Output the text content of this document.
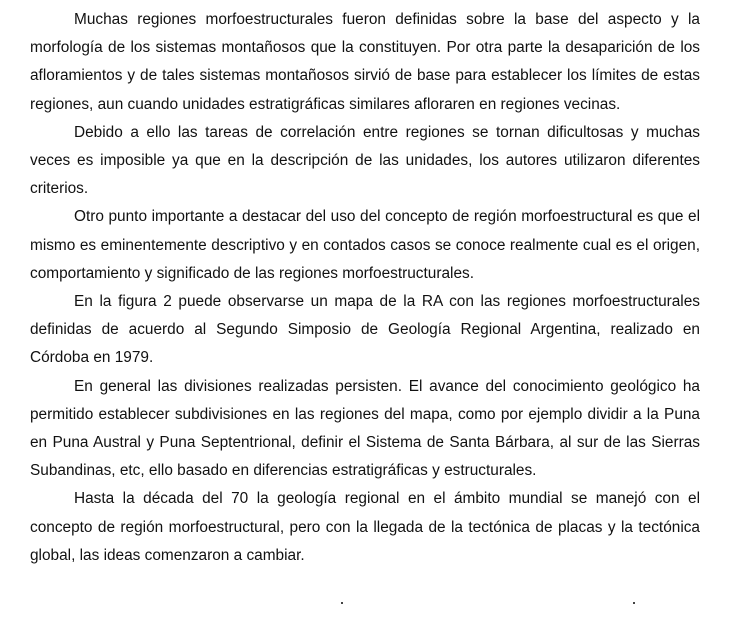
Muchas regiones morfoestructurales fueron definidas sobre la base del aspecto y la morfología de los sistemas montañosos que la constituyen. Por otra parte la desaparición de los afloramientos y de tales sistemas montañosos sirvió de base para establecer los límites de estas regiones, aun cuando unidades estratigráficas similares afloraren en regiones vecinas.

Debido a ello las tareas de correlación entre regiones se tornan dificultosas y muchas veces es imposible ya que en la descripción de las unidades, los autores utilizaron diferentes criterios.

Otro punto importante a destacar del uso del concepto de región morfoestructural es que el mismo es eminentemente descriptivo y en contados casos se conoce realmente cual es el origen, comportamiento y significado de las regiones morfoestructurales.

En la figura 2 puede observarse un mapa de la RA con las regiones morfoestructurales definidas de acuerdo al Segundo Simposio de Geología Regional Argentina, realizado en Córdoba en 1979.

En general las divisiones realizadas persisten. El avance del conocimiento geológico ha permitido establecer subdivisiones en las regiones del mapa, como por ejemplo dividir a la Puna en Puna Austral y Puna Septentrional, definir el Sistema de Santa Bárbara, al sur de las Sierras Subandinas, etc, ello basado en diferencias estratigráficas y estructurales.

Hasta la década del 70 la geología regional en el ámbito mundial se manejó con el concepto de región morfoestructural, pero con la llegada de la tectónica de placas y la tectónica global, las ideas comenzaron a cambiar.
